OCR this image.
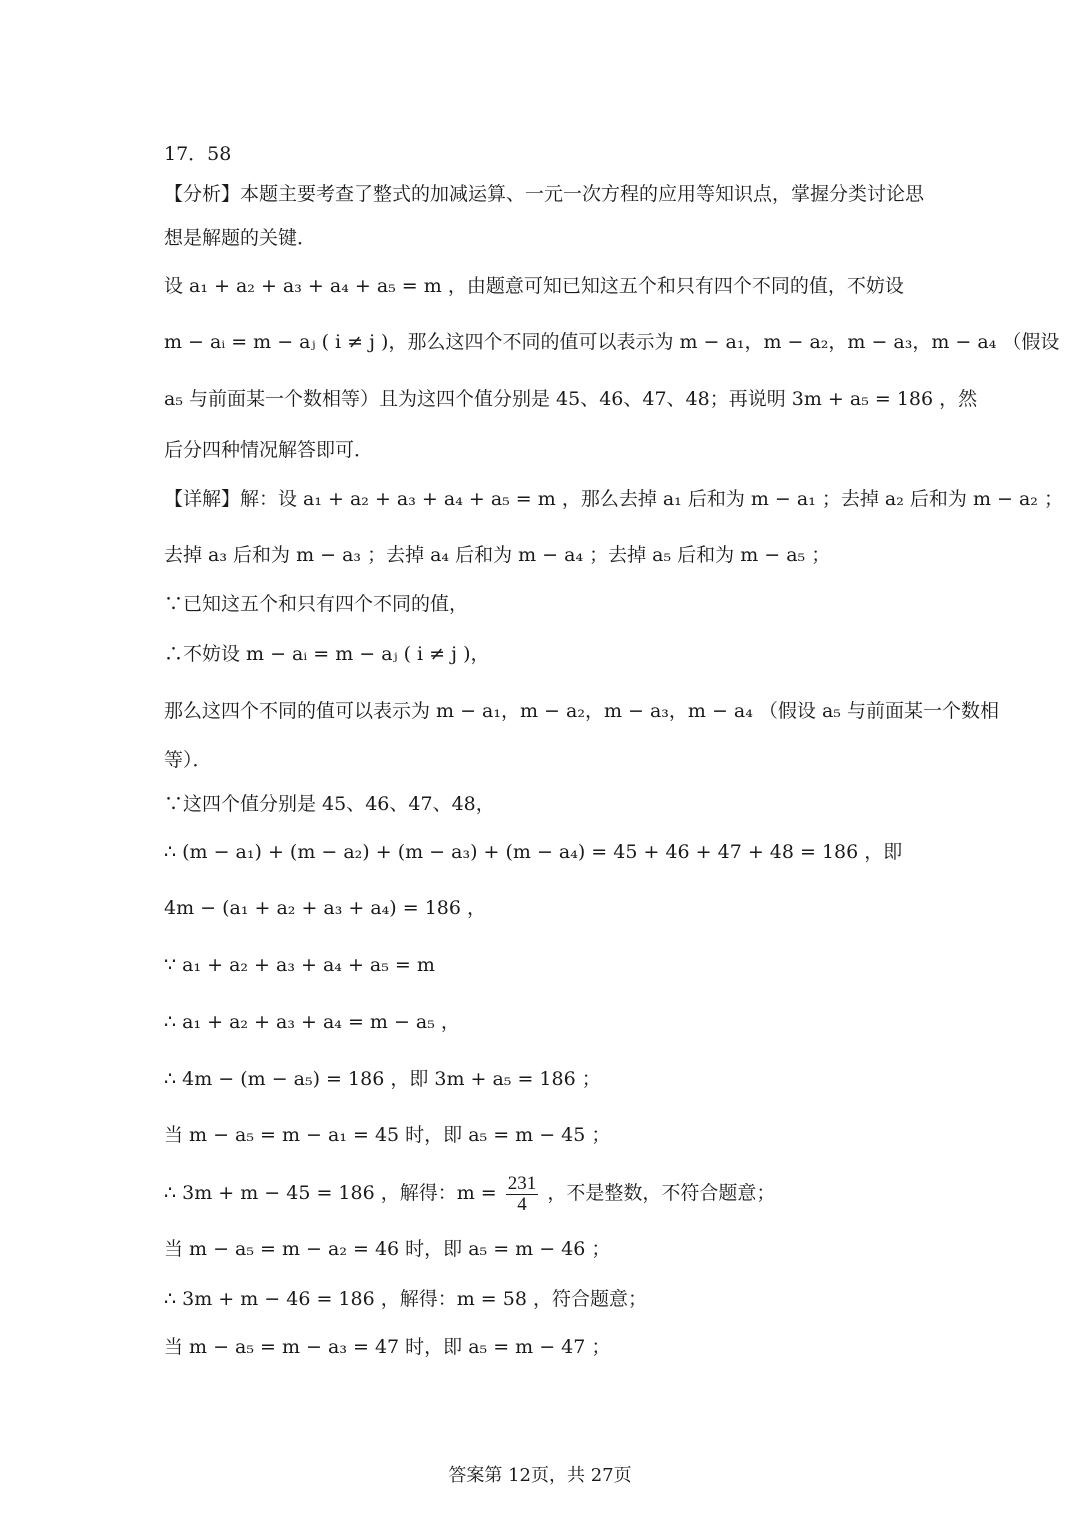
17．58
【分析】本题主要考查了整式的加减运算、一元一次方程的应用等知识点，掌握分类讨论思
想是解题的关键．
设 a₁ + a₂ + a₃ + a₄ + a₅ = m ，由题意可知已知这五个和只有四个不同的值，不妨设
m − aᵢ = m − aⱼ ( i ≠ j )，那么这四个不同的值可以表示为 m − a₁，m − a₂，m − a₃，m − a₄ （假设
a₅ 与前面某一个数相等）且为这四个值分别是 45、46、47、48；再说明 3m + a₅ = 186 ，然
后分四种情况解答即可．
【详解】解：设 a₁ + a₂ + a₃ + a₄ + a₅ = m ，那么去掉 a₁ 后和为 m − a₁ ；去掉 a₂ 后和为 m − a₂ ；
去掉 a₃ 后和为 m − a₃ ；去掉 a₄ 后和为 m − a₄ ；去掉 a₅ 后和为 m − a₅ ；
∵已知这五个和只有四个不同的值，
∴不妨设 m − aᵢ = m − aⱼ ( i ≠ j )，
那么这四个不同的值可以表示为 m − a₁，m − a₂，m − a₃，m − a₄ （假设 a₅ 与前面某一个数相
等）．
∵这四个值分别是 45、46、47、48，
∴ (m − a₁) + (m − a₂) + (m − a₃) + (m − a₄) = 45 + 46 + 47 + 48 = 186 ，即
4m − (a₁ + a₂ + a₃ + a₄) = 186 ，
∵ a₁ + a₂ + a₃ + a₄ + a₅ = m
∴ a₁ + a₂ + a₃ + a₄ = m − a₅ ，
∴ 4m − (m − a₅) = 186 ，即 3m + a₅ = 186 ；
当 m − a₅ = m − a₁ = 45 时，即 a₅ = m − 45 ；
∴ 3m + m − 45 = 186 ，解得：$m = \frac{231}{4}$ ，不是整数，不符合题意；
当 m − a₅ = m − a₂ = 46 时，即 a₅ = m − 46 ；
∴ 3m + m − 46 = 186 ，解得：m = 58 ，符合题意；
当 m − a₅ = m − a₃ = 47 时，即 a₅ = m − 47 ；
答案第 12页，共 27页
